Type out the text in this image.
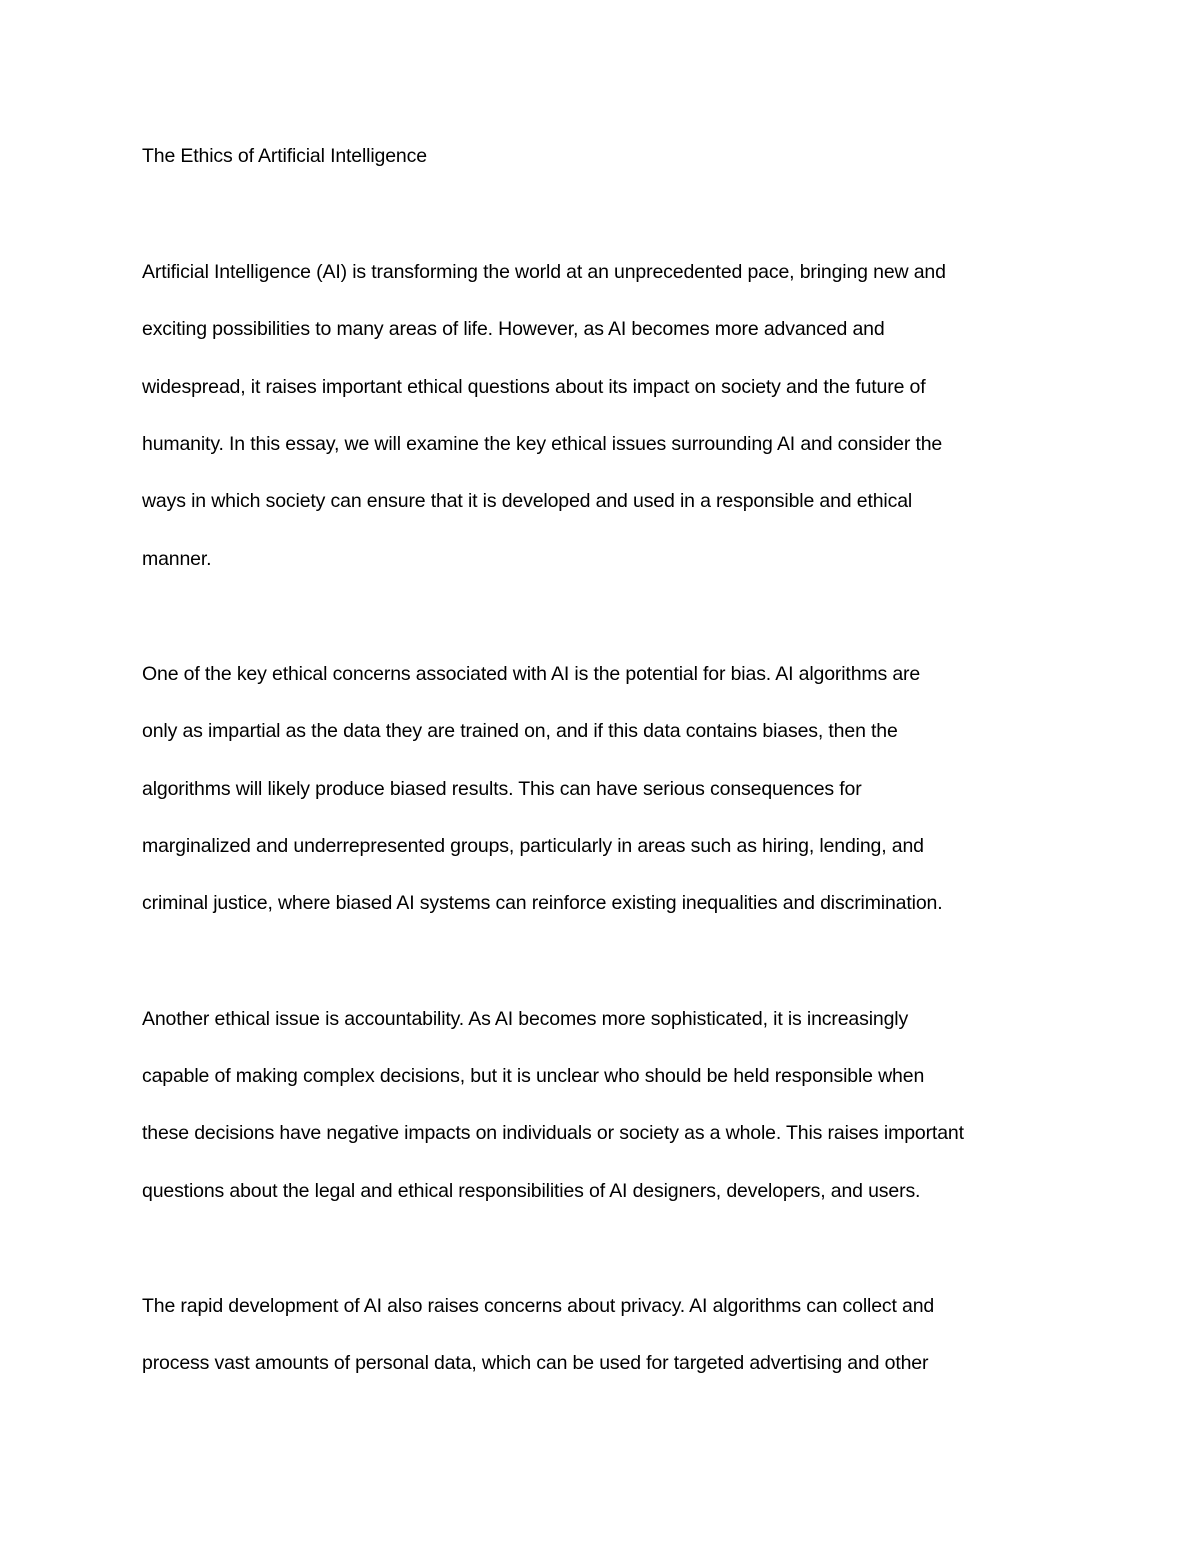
The Ethics of Artificial Intelligence

Artificial Intelligence (AI) is transforming the world at an unprecedented pace, bringing new and

exciting possibilities to many areas of life. However, as AI becomes more advanced and

widespread, it raises important ethical questions about its impact on society and the future of

humanity. In this essay, we will examine the key ethical issues surrounding AI and consider the

ways in which society can ensure that it is developed and used in a responsible and ethical

manner.

One of the key ethical concerns associated with AI is the potential for bias. AI algorithms are

only as impartial as the data they are trained on, and if this data contains biases, then the

algorithms will likely produce biased results. This can have serious consequences for

marginalized and underrepresented groups, particularly in areas such as hiring, lending, and

criminal justice, where biased AI systems can reinforce existing inequalities and discrimination.

Another ethical issue is accountability. As AI becomes more sophisticated, it is increasingly

capable of making complex decisions, but it is unclear who should be held responsible when

these decisions have negative impacts on individuals or society as a whole. This raises important

questions about the legal and ethical responsibilities of AI designers, developers, and users.

The rapid development of AI also raises concerns about privacy. AI algorithms can collect and

process vast amounts of personal data, which can be used for targeted advertising and other
